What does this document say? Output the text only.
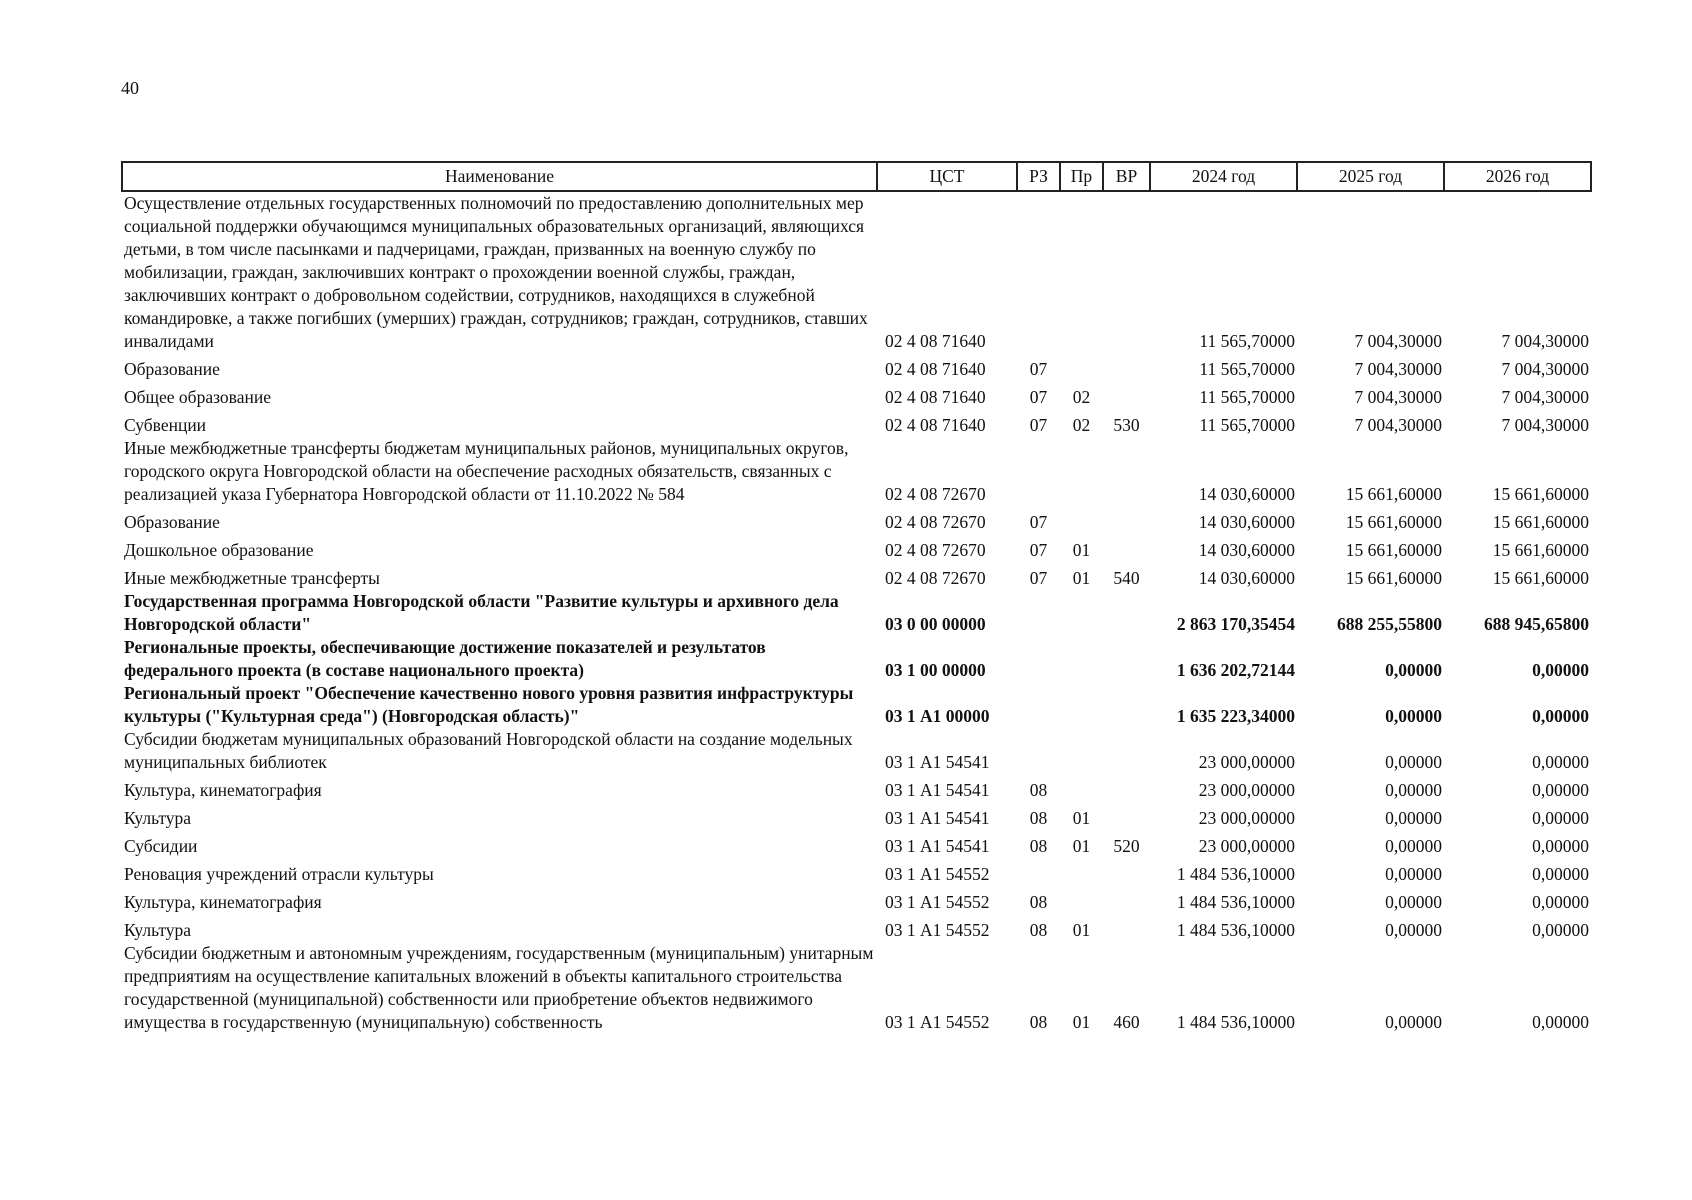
40
Наименование	ЦСТ	РЗ	Пр	ВР	2024 год	2025 год	2026 год
Осуществление отдельных государственных полномочий по предоставлению дополнительных мер социальной поддержки обучающимся муниципальных образовательных организаций, являющихся детьми, в том числе пасынками и падчерицами, граждан, призванных на военную службу по мобилизации, граждан, заключивших контракт о прохождении военной службы, граждан, заключивших контракт о добровольном содействии, сотрудников, находящихся в служебной командировке, а также погибших (умерших) граждан, сотрудников; граждан, сотрудников, ставших инвалидами	02 4 08 71640				11 565,70000	7 004,30000	7 004,30000
Образование	02 4 08 71640	07			11 565,70000	7 004,30000	7 004,30000
Общее образование	02 4 08 71640	07	02		11 565,70000	7 004,30000	7 004,30000
Субвенции	02 4 08 71640	07	02	530	11 565,70000	7 004,30000	7 004,30000
Иные межбюджетные трансферты бюджетам муниципальных районов, муниципальных округов, городского округа Новгородской области на обеспечение расходных обязательств, связанных с реализацией указа Губернатора Новгородской области от 11.10.2022 № 584	02 4 08 72670				14 030,60000	15 661,60000	15 661,60000
Образование	02 4 08 72670	07			14 030,60000	15 661,60000	15 661,60000
Дошкольное образование	02 4 08 72670	07	01		14 030,60000	15 661,60000	15 661,60000
Иные межбюджетные трансферты	02 4 08 72670	07	01	540	14 030,60000	15 661,60000	15 661,60000
Государственная программа Новгородской области "Развитие культуры и архивного дела Новгородской области"	03 0 00 00000				2 863 170,35454	688 255,55800	688 945,65800
Региональные проекты, обеспечивающие достижение показателей и результатов федерального проекта (в составе национального проекта)	03 1 00 00000				1 636 202,72144	0,00000	0,00000
Региональный проект "Обеспечение качественно нового уровня развития инфраструктуры культуры ("Культурная среда") (Новгородская область)"	03 1 А1 00000				1 635 223,34000	0,00000	0,00000
Субсидии бюджетам муниципальных образований Новгородской области на создание модельных муниципальных библиотек	03 1 А1 54541				23 000,00000	0,00000	0,00000
Культура, кинематография	03 1 А1 54541	08			23 000,00000	0,00000	0,00000
Культура	03 1 А1 54541	08	01		23 000,00000	0,00000	0,00000
Субсидии	03 1 А1 54541	08	01	520	23 000,00000	0,00000	0,00000
Реновация учреждений отрасли культуры	03 1 А1 54552				1 484 536,10000	0,00000	0,00000
Культура, кинематография	03 1 А1 54552	08			1 484 536,10000	0,00000	0,00000
Культура	03 1 А1 54552	08	01		1 484 536,10000	0,00000	0,00000
Субсидии бюджетным и автономным учреждениям, государственным (муниципальным) унитарным предприятиям на осуществление капитальных вложений в объекты капитального строительства государственной (муниципальной) собственности или приобретение объектов недвижимого имущества в государственную (муниципальную) собственность	03 1 А1 54552	08	01	460	1 484 536,10000	0,00000	0,00000
